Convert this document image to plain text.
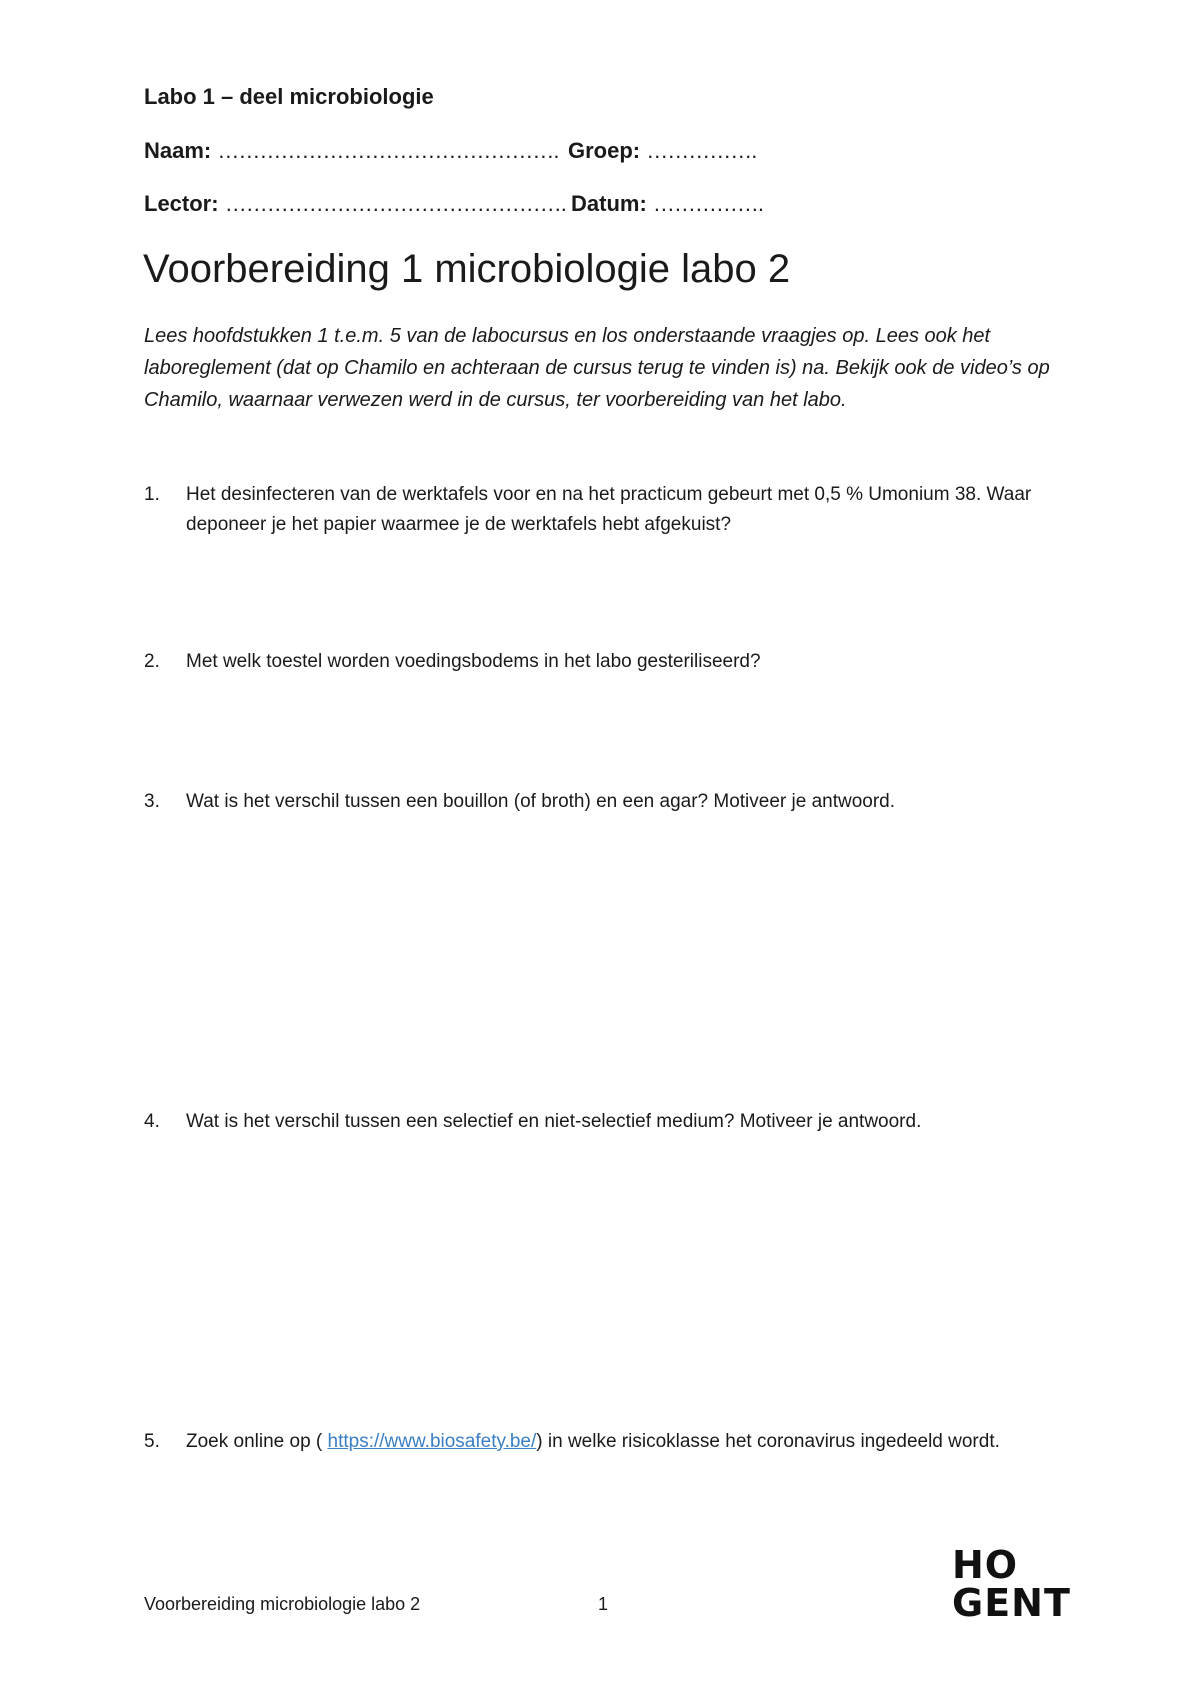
Labo 1 – deel microbiologie
Naam: …………………………………………. Groep: …………….
Lector: …………………………………………. Datum: …………….
Voorbereiding 1 microbiologie labo 2
Lees hoofdstukken 1 t.e.m. 5 van de labocursus en los onderstaande vraagjes op. Lees ook het laboreglement (dat op Chamilo en achteraan de cursus terug te vinden is) na. Bekijk ook de video’s op Chamilo, waarnaar verwezen werd in de cursus, ter voorbereiding van het labo.
1. Het desinfecteren van de werktafels voor en na het practicum gebeurt met 0,5 % Umonium 38. Waar deponeer je het papier waarmee je de werktafels hebt afgekuist?
2. Met welk toestel worden voedingsbodems in het labo gesteriliseerd?
3. Wat is het verschil tussen een bouillon (of broth) en een agar? Motiveer je antwoord.
4. Wat is het verschil tussen een selectief en niet-selectief medium? Motiveer je antwoord.
5. Zoek online op ( https://www.biosafety.be/) in welke risicoklasse het coronavirus ingedeeld wordt.
Voorbereiding microbiologie labo 2	1
HO
GENT
